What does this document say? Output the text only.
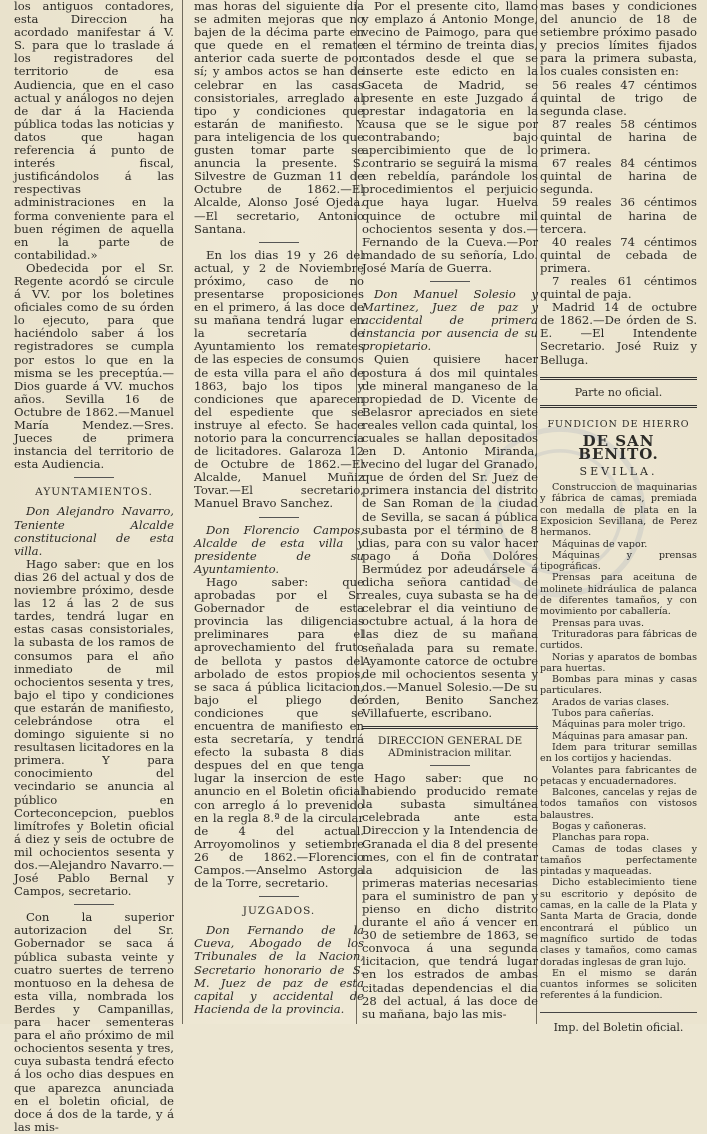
los antiguos contadores, esta Direccion ha acordado manifestar á V. S. para que lo traslade á los registradores del territorio de esa Audiencia, que en el caso actual y análogos no dejen de dar á la Hacienda pública todas las noticias y datos que hagan referencia á punto de interés fiscal, justificándolos á las respectivas administraciones en la forma conveniente para el buen régimen de aquella en la parte de contabilidad.»

Obedecida por el Sr. Regente acordó se circule á VV. por los boletines oficiales como de su órden lo ejecuto, para que haciéndolo saber á los registradores se cumpla por estos lo que en la misma se les preceptúa.—Dios guarde á VV. muchos años. Sevilla 16 de Octubre de 1862.—Manuel María Mendez.—Sres. Jueces de primera instancia del territorio de esta Audiencia.

AYUNTAMIENTOS.

Don Alejandro Navarro, Teniente Alcalde constitucional de esta villa.

Hago saber: que en los dias 26 del actual y dos de noviembre próximo, desde las 12 á las 2 de sus tardes, tendrá lugar en estas casas consistoriales, la subasta de los ramos de consumos para el año inmediato de mil ochocientos sesenta y tres, bajo el tipo y condiciones que estarán de manifiesto, celebrándose otra el domingo siguiente si no resultasen licitadores en la primera. Y para conocimiento del vecindario se anuncia al público en Corteconcepcion, pueblos limítrofes y Boletin oficial á diez y seis de octubre de mil ochocientos sesenta y dos.—Alejandro Navarro.—José Pablo Bernal y Campos, secretario.

Con la superior autorizacion del Sr. Gobernador se saca á pública subasta veinte y cuatro suertes de terreno montuoso en la dehesa de esta villa, nombrada los Berdes y Campanillas, para hacer sementeras para el año próximo de mil ochocientos sesenta y tres, cuya subasta tendrá efecto á los ocho dias despues en que aparezca anunciada en el boletin oficial, de doce á dos de la tarde, y á las mis-

mas horas del siguiente dia se admiten mejoras que no bajen de la décima parte en que quede en el remate anterior cada suerte de por sí; y ambos actos se han de celebrar en las casas consistoriales, arreglado al tipo y condiciones que estarán de manifiesto. Y para inteligencia de los que gusten tomar parte se anuncia la presente. S. Silvestre de Guzman 11 de Octubre de 1862.—El Alcalde, Alonso José Ojeda.—El secretario, Antonio Santana.

En los dias 19 y 26 del actual, y 2 de Noviembre próximo, caso de no presentarse proposiciones en el primero, á las doce de su mañana tendrá lugar en la secretaría de Ayuntamiento los remates de las especies de consumos de esta villa para el año de 1863, bajo los tipos y condiciones que aparecen del espediente que se instruye al efecto. Se hace notorio para la concurrencia de licitadores. Galaroza 12 de Octubre de 1862.—El Alcalde, Manuel Muñiz Tovar.—El secretario, Manuel Bravo Sanchez.

Don Florencio Campos, Alcalde de esta villa y presidente de su Ayuntamiento.

Hago saber: que aprobadas por el Sr. Gobernador de esta provincia las diligencias preliminares para el aprovechamiento del fruto de bellota y pastos del arbolado de estos propios, se saca á pública licitacion, bajo el pliego de condiciones que se encuentra de manifiesto en esta secretaría, y tendrá efecto la subasta 8 dias despues del en que tenga lugar la insercion de este anuncio en el Boletin oficial con arreglo á lo prevenido en la regla 8.ª de la circular de 4 del actual. Arroyomolinos y setiembre 26 de 1862.—Florencio Campos.—Anselmo Astorga de la Torre, secretario.

JUZGADOS.

Don Fernando de la Cueva, Abogado de los Tribunales de la Nacion, Secretario honorario de S. M. Juez de paz de esta capital y accidental de Hacienda de la provincia.

Por el presente cito, llamo y emplazo á Antonio Monge, vecino de Paimogo, para que en el término de treinta dias, contados desde el que se inserte este edicto en la Gaceta de Madrid, se presente en este Juzgado á prestar indagatoria en la causa que se le sigue por contrabando; bajo apercibimiento que de lo contrario se seguirá la misma en rebeldía, parándole los procedimientos el perjuicio que haya lugar. Huelva quince de octubre mil ochocientos sesenta y dos.—Fernando de la Cueva.—Por mandado de su señoría, Ldo. José María de Guerra.

Don Manuel Solesio y Martinez, Juez de paz y accidental de primera instancia por ausencia de su propietario.

Quien quisiere hacer postura á dos mil quintales de mineral manganeso de la propiedad de D. Vicente de Belasror apreciados en siete reales vellon cada quintal, los cuales se hallan depositados en D. Antonio Miranda, vecino del lugar del Granado, que de órden del Sr. Juez de primera instancia del distrito de San Roman de la ciudad de Sevilla, se sacan á pública subasta por el término de 8 dias, para con su valor hacer pago á Doña Dolóres Bermúdez por adeudársele á dicha señora cantidad de reales, cuya subasta se ha de celebrar el dia veintiuno de octubre actual, á la hora de las diez de su mañana señalada para su remate. Ayamonte catorce de octubre de mil ochocientos sesenta y dos.—Manuel Solesio.—De su órden, Benito Sanchez Villafuerte, escribano.

DIRECCION GENERAL DE ADministracion militar.

Hago saber: que no habiendo producido remate la subasta simultánea celebrada ante esta Direccion y la Intendencia de Granada el dia 8 del presente mes, con el fin de contratar la adquisicion de las primeras materias necesarias para el suministro de pan y pienso en dicho distrito durante el año á vencer en 30 de setiembre de 1863, se convoca á una segunda licitacion, que tendrá lugar en los estrados de ambas citadas dependencias el dia 28 del actual, á las doce de su mañana, bajo las mis-

mas bases y condiciones del anuncio de 18 de setiembre próximo pasado y precios límites fijados para la primera subasta, los cuales consisten en:

56 reales 47 céntimos quintal de trigo de segunda clase.

87 reales 58 céntimos quintal de harina de primera.

67 reales 84 céntimos quintal de harina de segunda.

59 reales 36 céntimos quintal de harina de tercera.

40 reales 74 céntimos quintal de cebada de primera.

7 reales 61 céntimos quintal de paja.

Madrid 14 de octubre de 1862.—De órden de S. E. —El Intendente Secretario. José Ruiz y Belluga.

Parte no oficial.
FUNDICION DE HIERRO
DE SAN BENITO.
SEVILLA.

Construccion de maquinarias y fábrica de camas, premiada con medalla de plata en la Exposicion Sevillana, de Perez hermanos.

Máquinas de vapor.

Máquinas y prensas tipográficas.

Prensas para aceituna de molinete hidráulica de palanca de diferentes tamaños, y con movimiento por caballería.

Prensas para uvas.

Trituradoras para fábricas de curtidos.

Norias y aparatos de bombas para huertas.

Bombas para minas y casas particulares.

Arados de varias clases.

Tubos para cañerías.

Máquinas para moler trigo.

Máquinas para amasar pan.

Idem para triturar semillas en los cortijos y haciendas.

Volantes para fabricantes de petacas y encuadernadores.

Balcones, cancelas y rejas de todos tamaños con vistosos balaustres.

Bogas y cañoneras.

Planchas para ropa.

Camas de todas clases y tamaños perfectamente pintadas y maqueadas.

Dicho establecimiento tiene su escritorio y depósito de camas, en la calle de la Plata y Santa Marta de Gracia, donde encontrará el público un magnífico surtido de todas clases y tamaños, como camas doradas inglesas de gran lujo.

En el mismo se darán cuantos informes se soliciten referentes á la fundicion.

Imp. del Boletin oficial.
